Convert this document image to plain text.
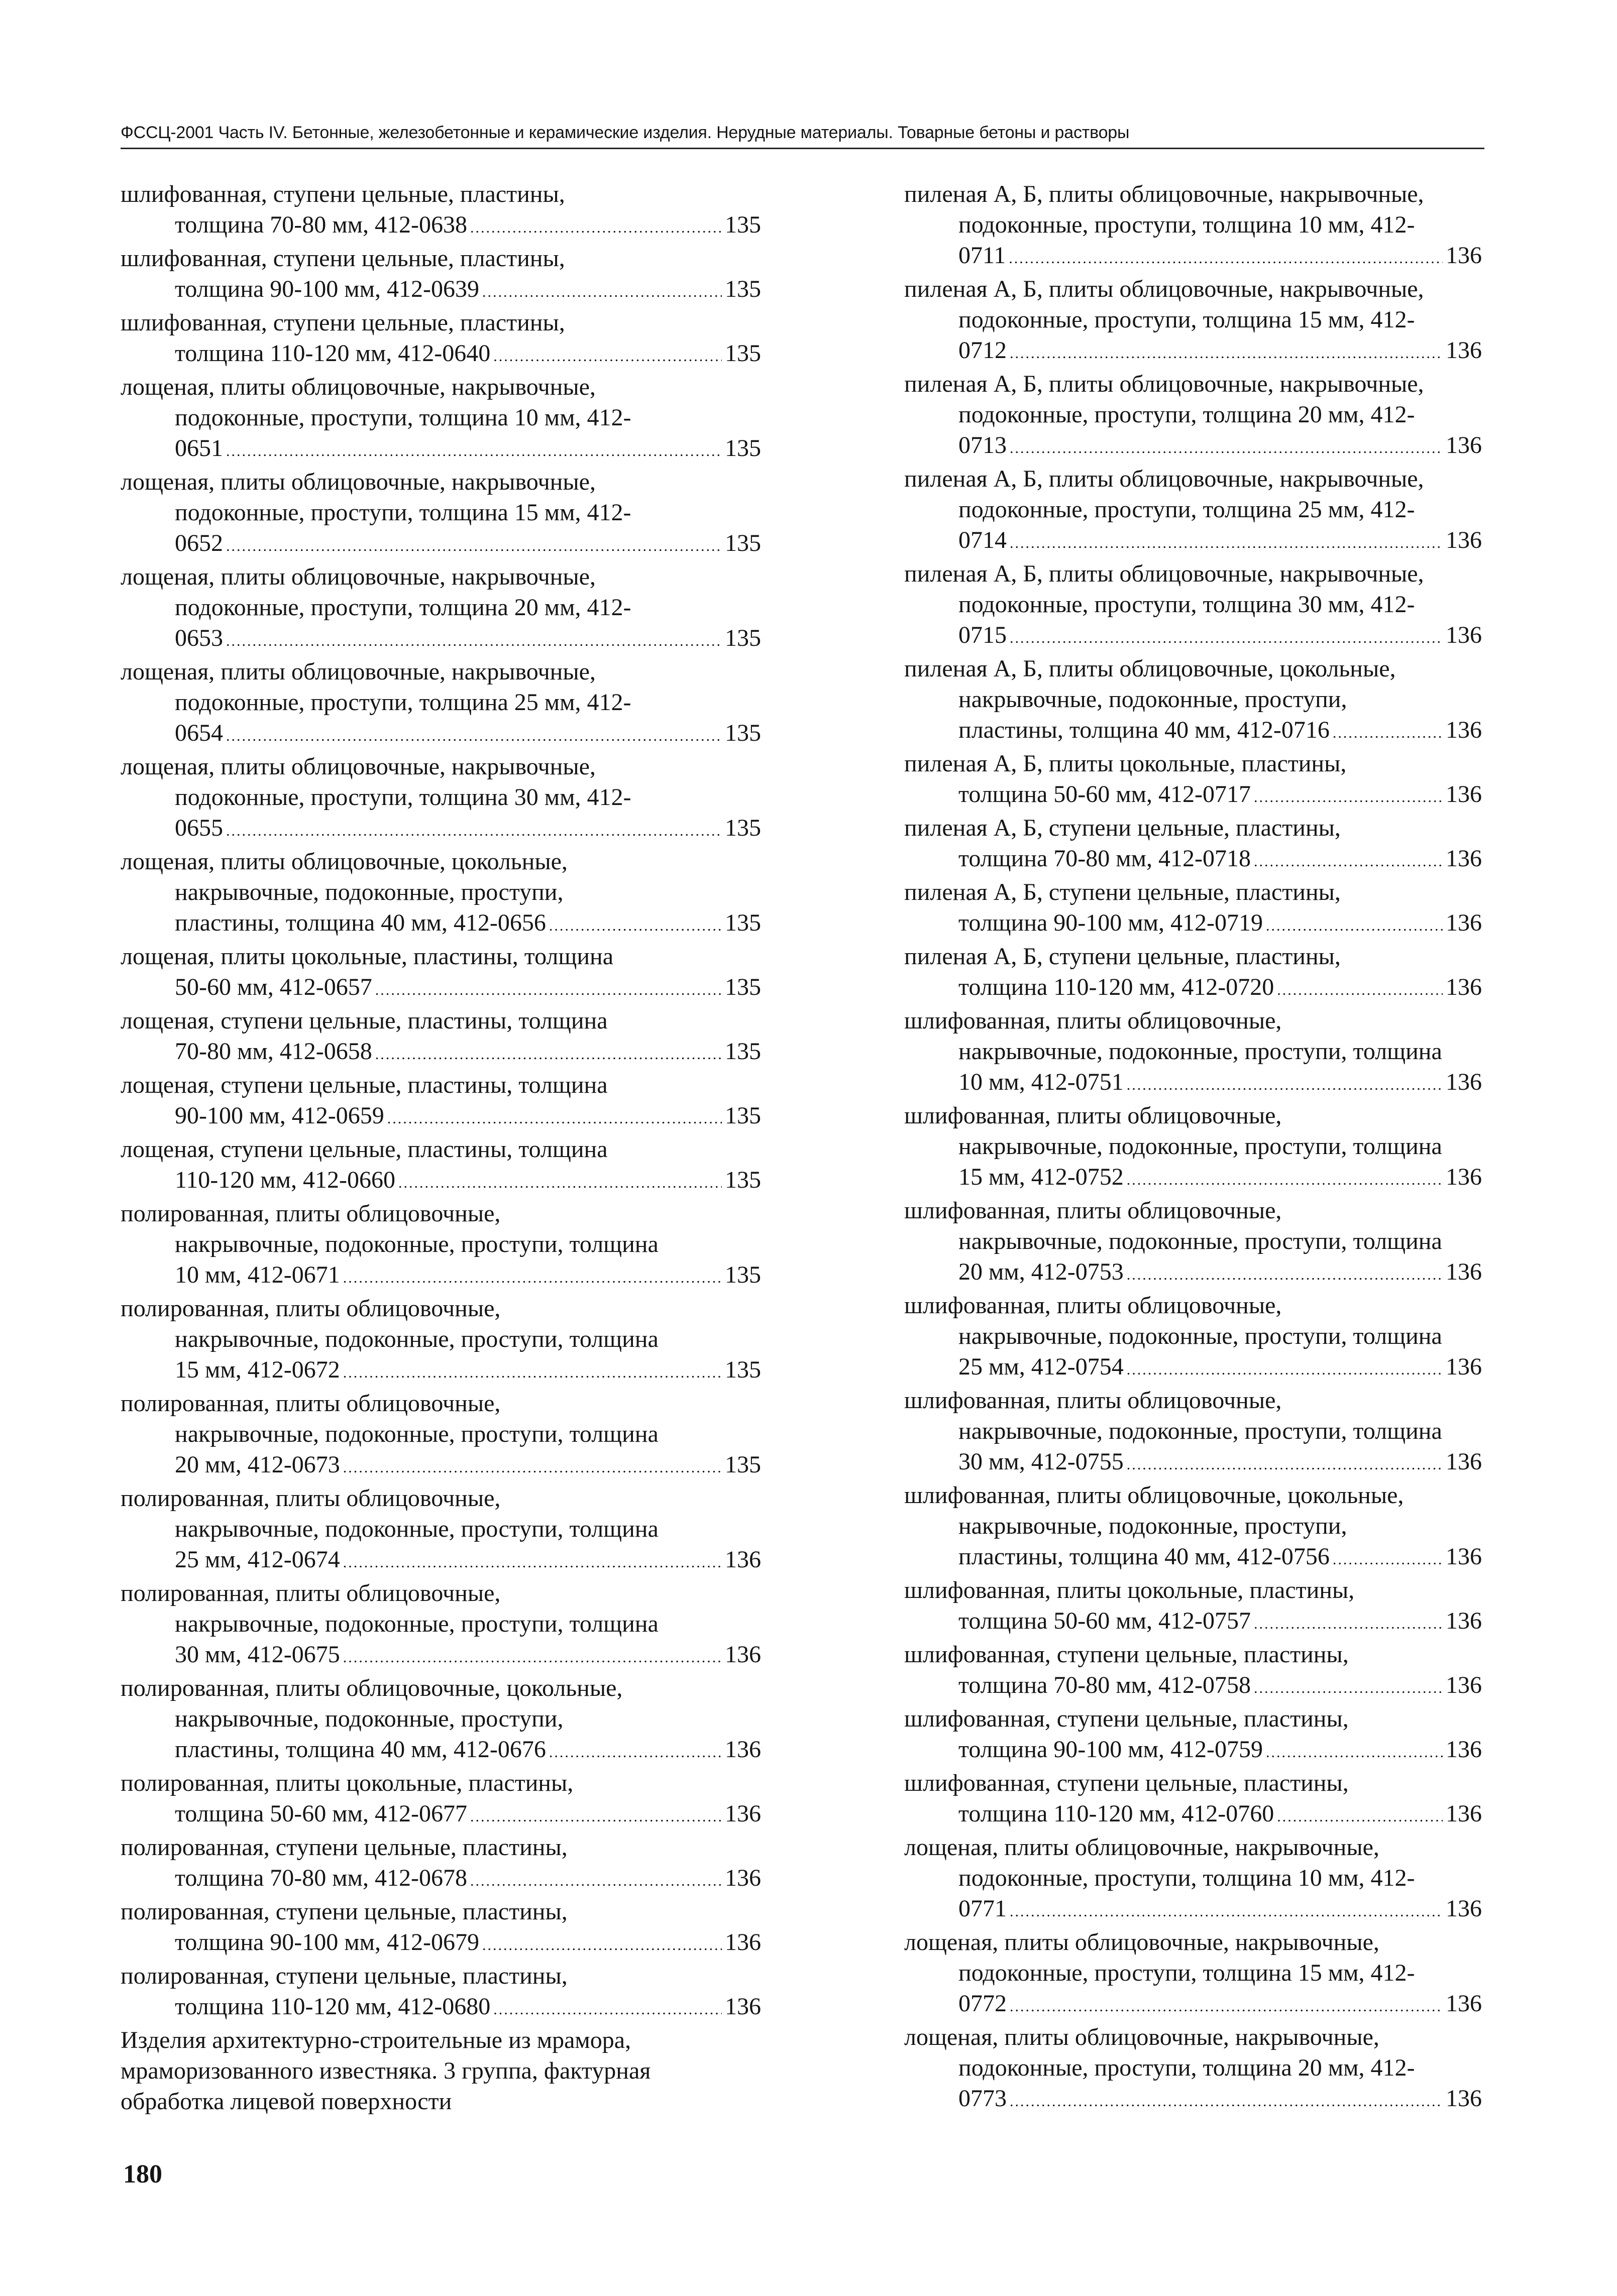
ФССЦ-2001 Часть IV. Бетонные, железобетонные и керамические изделия. Нерудные материалы. Товарные бетоны и растворы
шлифованная, ступени цельные, пластины,
толщина 70-80 мм, 412-0638 .....	135
шлифованная, ступени цельные, пластины,
толщина 90-100 мм, 412-0639 .....	135
шлифованная, ступени цельные, пластины,
толщина 110-120 мм, 412-0640 .....	135
лощеная, плиты облицовочные, накрывочные,
подоконные, проступи, толщина 10 мм, 412-
0651 .....	135
лощеная, плиты облицовочные, накрывочные,
подоконные, проступи, толщина 15 мм, 412-
0652 .....	135
лощеная, плиты облицовочные, накрывочные,
подоконные, проступи, толщина 20 мм, 412-
0653 .....	135
лощеная, плиты облицовочные, накрывочные,
подоконные, проступи, толщина 25 мм, 412-
0654 .....	135
лощеная, плиты облицовочные, накрывочные,
подоконные, проступи, толщина 30 мм, 412-
0655 .....	135
лощеная, плиты облицовочные, цокольные,
накрывочные, подоконные, проступи,
пластины, толщина 40 мм, 412-0656 .....	135
лощеная, плиты цокольные, пластины, толщина
50-60 мм, 412-0657 .....	135
лощеная, ступени цельные, пластины, толщина
70-80 мм, 412-0658 .....	135
лощеная, ступени цельные, пластины, толщина
90-100 мм, 412-0659 .....	135
лощеная, ступени цельные, пластины, толщина
110-120 мм, 412-0660 .....	135
полированная, плиты облицовочные,
накрывочные, подоконные, проступи, толщина
10 мм, 412-0671 .....	135
полированная, плиты облицовочные,
накрывочные, подоконные, проступи, толщина
15 мм, 412-0672 .....	135
полированная, плиты облицовочные,
накрывочные, подоконные, проступи, толщина
20 мм, 412-0673 .....	135
полированная, плиты облицовочные,
накрывочные, подоконные, проступи, толщина
25 мм, 412-0674 .....	136
полированная, плиты облицовочные,
накрывочные, подоконные, проступи, толщина
30 мм, 412-0675 .....	136
полированная, плиты облицовочные, цокольные,
накрывочные, подоконные, проступи,
пластины, толщина 40 мм, 412-0676 .....	136
полированная, плиты цокольные, пластины,
толщина 50-60 мм, 412-0677 .....	136
полированная, ступени цельные, пластины,
толщина 70-80 мм, 412-0678 .....	136
полированная, ступени цельные, пластины,
толщина 90-100 мм, 412-0679 .....	136
полированная, ступени цельные, пластины,
толщина 110-120 мм, 412-0680 .....	136
Изделия архитектурно-строительные из мрамора,
мраморизованного известняка. 3 группа, фактурная
обработка лицевой поверхности
пиленая А, Б, плиты облицовочные, накрывочные,
подоконные, проступи, толщина 10 мм, 412-
0711 .....	136
пиленая А, Б, плиты облицовочные, накрывочные,
подоконные, проступи, толщина 15 мм, 412-
0712 .....	136
пиленая А, Б, плиты облицовочные, накрывочные,
подоконные, проступи, толщина 20 мм, 412-
0713 .....	136
пиленая А, Б, плиты облицовочные, накрывочные,
подоконные, проступи, толщина 25 мм, 412-
0714 .....	136
пиленая А, Б, плиты облицовочные, накрывочные,
подоконные, проступи, толщина 30 мм, 412-
0715 .....	136
пиленая А, Б, плиты облицовочные, цокольные,
накрывочные, подоконные, проступи,
пластины, толщина 40 мм, 412-0716 .....	136
пиленая А, Б, плиты цокольные, пластины,
толщина 50-60 мм, 412-0717 .....	136
пиленая А, Б, ступени цельные, пластины,
толщина 70-80 мм, 412-0718 .....	136
пиленая А, Б, ступени цельные, пластины,
толщина 90-100 мм, 412-0719 .....	136
пиленая А, Б, ступени цельные, пластины,
толщина 110-120 мм, 412-0720 .....	136
шлифованная, плиты облицовочные,
накрывочные, подоконные, проступи, толщина
10 мм, 412-0751 .....	136
шлифованная, плиты облицовочные,
накрывочные, подоконные, проступи, толщина
15 мм, 412-0752 .....	136
шлифованная, плиты облицовочные,
накрывочные, подоконные, проступи, толщина
20 мм, 412-0753 .....	136
шлифованная, плиты облицовочные,
накрывочные, подоконные, проступи, толщина
25 мм, 412-0754 .....	136
шлифованная, плиты облицовочные,
накрывочные, подоконные, проступи, толщина
30 мм, 412-0755 .....	136
шлифованная, плиты облицовочные, цокольные,
накрывочные, подоконные, проступи,
пластины, толщина 40 мм, 412-0756 .....	136
шлифованная, плиты цокольные, пластины,
толщина 50-60 мм, 412-0757 .....	136
шлифованная, ступени цельные, пластины,
толщина 70-80 мм, 412-0758 .....	136
шлифованная, ступени цельные, пластины,
толщина 90-100 мм, 412-0759 .....	136
шлифованная, ступени цельные, пластины,
толщина 110-120 мм, 412-0760 .....	136
лощеная, плиты облицовочные, накрывочные,
подоконные, проступи, толщина 10 мм, 412-
0771 .....	136
лощеная, плиты облицовочные, накрывочные,
подоконные, проступи, толщина 15 мм, 412-
0772 .....	136
лощеная, плиты облицовочные, накрывочные,
подоконные, проступи, толщина 20 мм, 412-
0773 .....	136
180
